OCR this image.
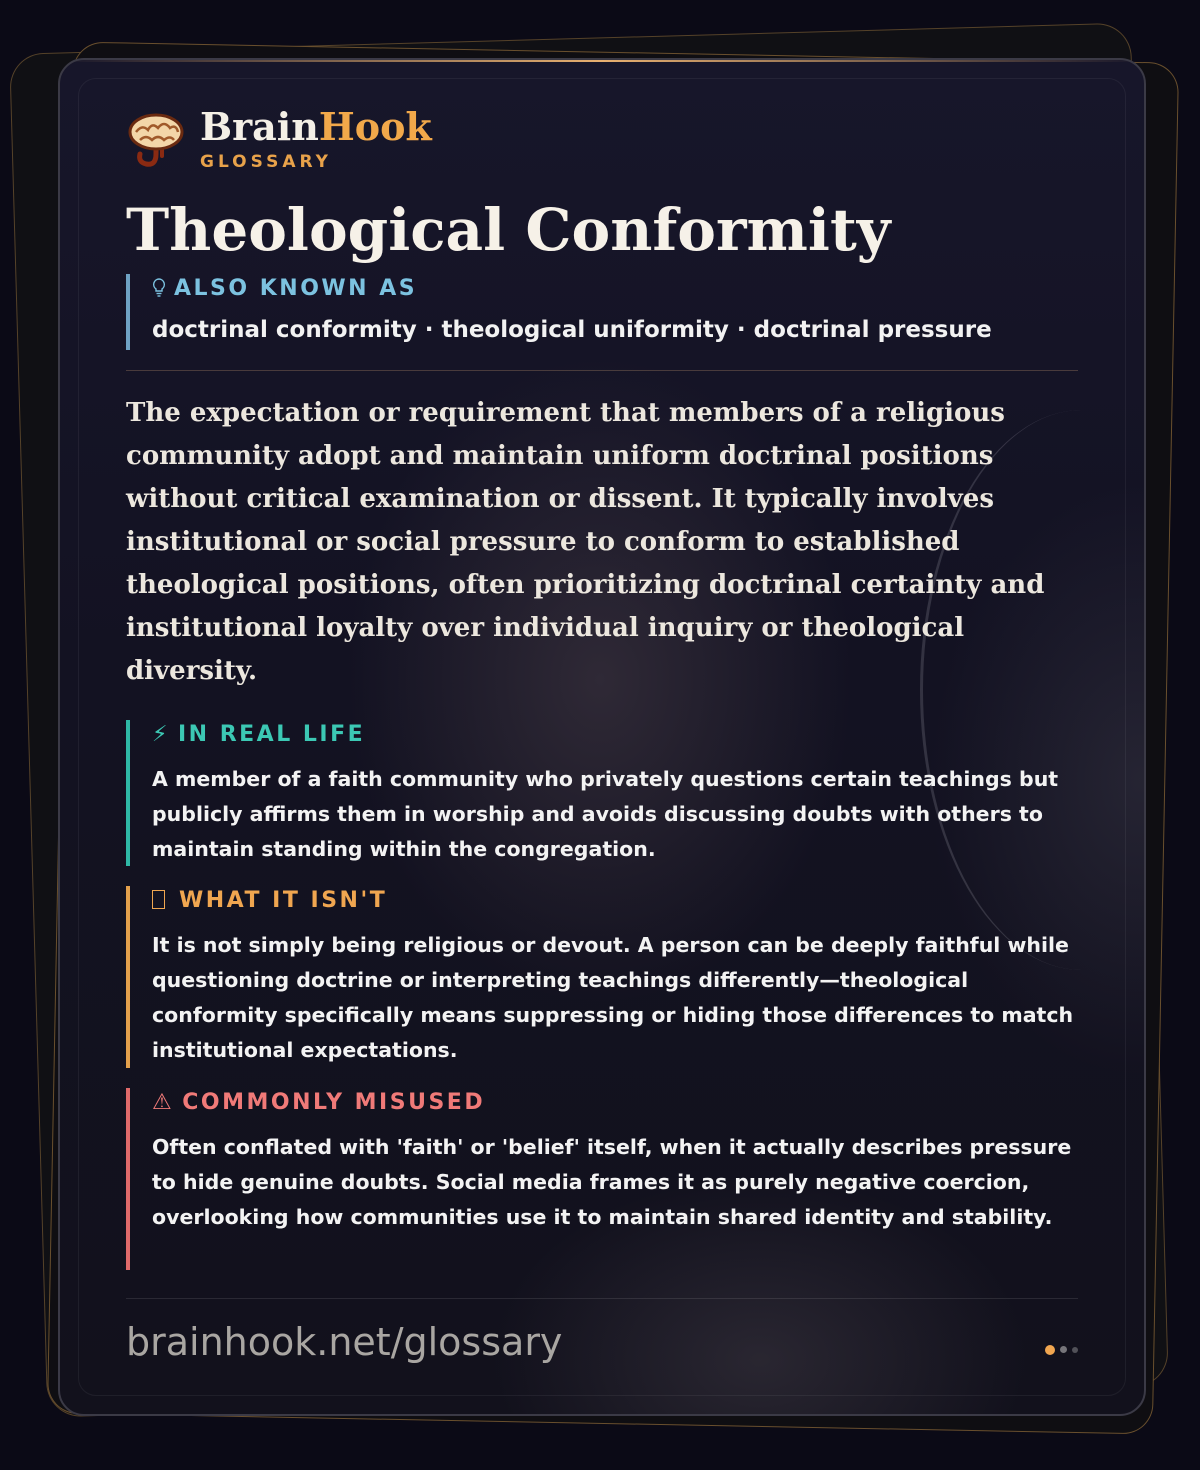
BrainHook
GLOSSARY
Theological Conformity
ALSO KNOWN AS
doctrinal conformity · theological uniformity · doctrinal pressure

The expectation or requirement that members of a religious community adopt and maintain uniform doctrinal positions without critical examination or dissent. It typically involves institutional or social pressure to conform to established theological positions, often prioritizing doctrinal certainty and institutional loyalty over individual inquiry or theological diversity.

⚡ IN REAL LIFE
A member of a faith community who privately questions certain teachings but publicly affirms them in worship and avoids discussing doubts with others to maintain standing within the congregation.
WHAT IT ISN'T
It is not simply being religious or devout. A person can be deeply faithful while questioning doctrine or interpreting teachings differently—theological conformity specifically means suppressing or hiding those differences to match institutional expectations.
⚠ COMMONLY MISUSED
Often conflated with 'faith' or 'belief' itself, when it actually describes pressure to hide genuine doubts. Social media frames it as purely negative coercion, overlooking how communities use it to maintain shared identity and stability.
brainhook.net/glossary
